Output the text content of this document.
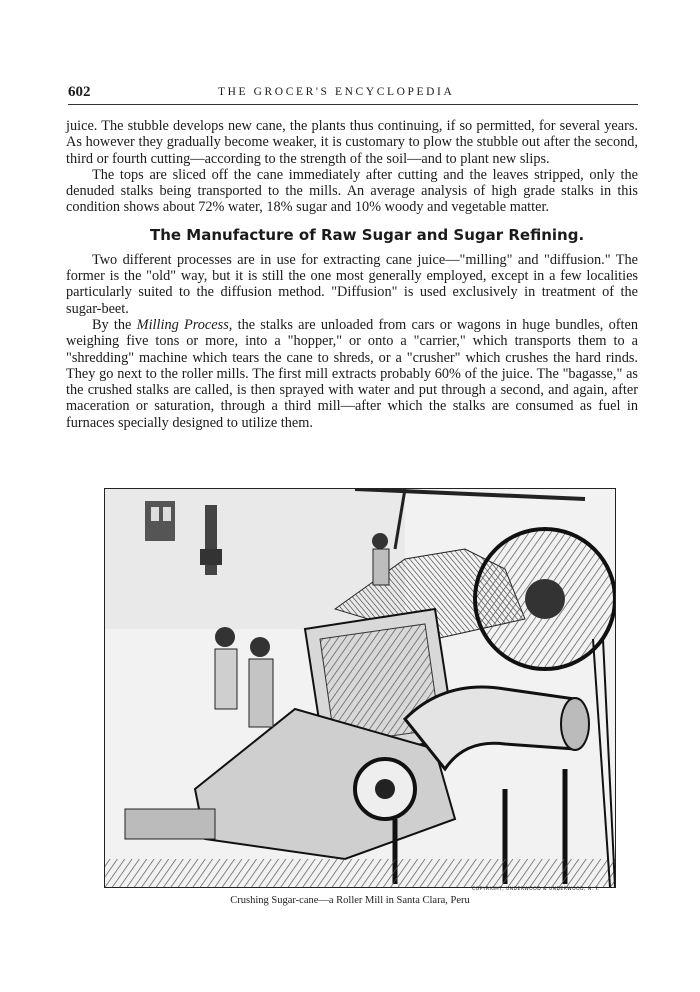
602	THE GROCER'S ENCYCLOPEDIA

juice. The stubble develops new cane, the plants thus continuing, if so permitted, for several years. As however they gradually become weaker, it is customary to plow the stubble out after the second, third or fourth cutting—according to the strength of the soil—and to plant new slips.

The tops are sliced off the cane immediately after cutting and the leaves stripped, only the denuded stalks being transported to the mills. An average analysis of high grade stalks in this condition shows about 72% water, 18% sugar and 10% woody and vegetable matter.

The Manufacture of Raw Sugar and Sugar Refining.

Two different processes are in use for extracting cane juice—"milling" and "diffusion." The former is the "old" way, but it is still the one most generally employed, except in a few localities particularly suited to the diffusion method. "Diffusion" is used exclusively in treatment of the sugar-beet.

By the Milling Process, the stalks are unloaded from cars or wagons in huge bundles, often weighing five tons or more, into a "hopper," or onto a "carrier," which transports them to a "shredding" machine which tears the cane to shreds, or a "crusher" which crushes the hard rinds. They go next to the roller mills. The first mill extracts probably 60% of the juice. The "bagasse," as the crushed stalks are called, is then sprayed with water and put through a second, and again, after maceration or saturation, through a third mill—after which the stalks are consumed as fuel in furnaces specially designed to utilize them.

COPYRIGHT, UNDERWOOD & UNDERWOOD, N. Y.
Crushing Sugar-cane—a Roller Mill in Santa Clara, Peru
